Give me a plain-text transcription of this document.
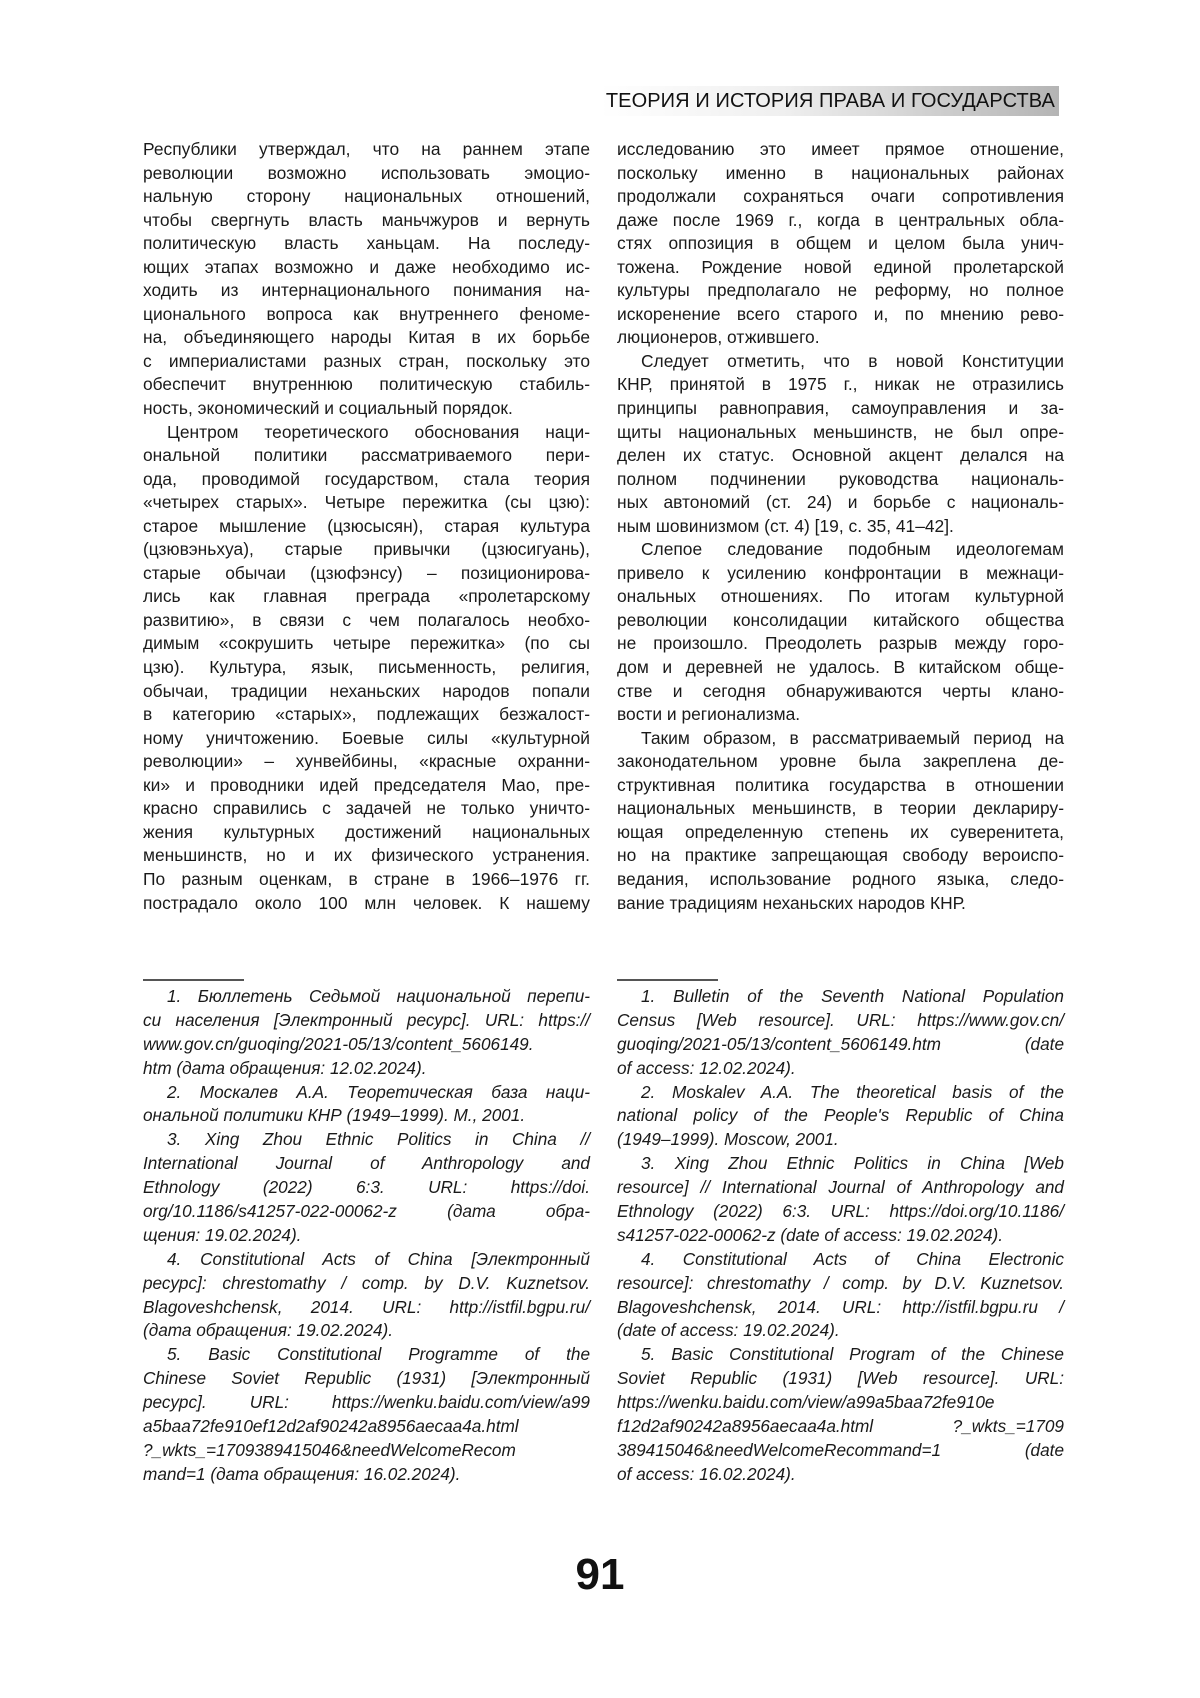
ТЕОРИЯ И ИСТОРИЯ ПРАВА И ГОСУДАРСТВА
Республики утверждал, что на раннем этапе
революции возможно использовать эмоцио-
нальную сторону национальных отношений,
чтобы свергнуть власть маньчжуров и вернуть
политическую власть ханьцам. На последу-
ющих этапах возможно и даже необходимо ис-
ходить из интернационального понимания на-
ционального вопроса как внутреннего феноме-
на, объединяющего народы Китая в их борьбе
с империалистами разных стран, поскольку это
обеспечит внутреннюю политическую стабиль-
ность, экономический и социальный порядок.
Центром теоретического обоснования наци-
ональной политики рассматриваемого пери-
ода, проводимой государством, стала теория
«четырех старых». Четыре пережитка (сы цзю):
старое мышление (цзюсысян), старая культура
(цзювэньхуа), старые привычки (цзюсигуань),
старые обычаи (цзюфэнсу) – позиционирова-
лись как главная преграда «пролетарскому
развитию», в связи с чем полагалось необхо-
димым «сокрушить четыре пережитка» (по сы
цзю). Культура, язык, письменность, религия,
обычаи, традиции неханьских народов попали
в категорию «старых», подлежащих безжалост-
ному уничтожению. Боевые силы «культурной
революции» – хунвейбины, «красные охранни-
ки» и проводники идей председателя Мао, пре-
красно справились с задачей не только уничто-
жения культурных достижений национальных
меньшинств, но и их физического устранения.
По разным оценкам, в стране в 1966–1976 гг.
пострадало около 100 млн человек. К нашему
исследованию это имеет прямое отношение,
поскольку именно в национальных районах
продолжали сохраняться очаги сопротивления
даже после 1969 г., когда в центральных обла-
стях оппозиция в общем и целом была унич-
тожена. Рождение новой единой пролетарской
культуры предполагало не реформу, но полное
искоренение всего старого и, по мнению рево-
люционеров, отжившего.
Следует отметить, что в новой Конституции
КНР, принятой в 1975 г., никак не отразились
принципы равноправия, самоуправления и за-
щиты национальных меньшинств, не был опре-
делен их статус. Основной акцент делался на
полном подчинении руководства националь-
ных автономий (ст. 24) и борьбе с националь-
ным шовинизмом (ст. 4) [19, с. 35, 41–42].
Слепое следование подобным идеологемам
привело к усилению конфронтации в межнаци-
ональных отношениях. По итогам культурной
революции консолидации китайского общества
не произошло. Преодолеть разрыв между горо-
дом и деревней не удалось. В китайском обще-
стве и сегодня обнаруживаются черты клано-
вости и регионализма.
Таким образом, в рассматриваемый период на
законодательном уровне была закреплена де-
структивная политика государства в отношении
национальных меньшинств, в теории деклариру-
ющая определенную степень их суверенитета,
но на практике запрещающая свободу вероиспо-
ведания, использование родного языка, следо-
вание традициям неханьских народов КНР.
1. Бюллетень Седьмой национальной перепи-
си населения [Электронный ресурс]. URL: https://
www.gov.cn/guoqing/2021-05/13/content_5606149.
htm (дата обращения: 12.02.2024).
2. Москалев А.А. Теоретическая база наци-
ональной политики КНР (1949–1999). М., 2001.
3. Xing Zhou Ethnic Politics in China //
International Journal of Anthropology and
Ethnology (2022) 6:3. URL: https://doi.
org/10.1186/s41257-022-00062-z (дата обра-
щения: 19.02.2024).
4. Constitutional Acts of China [Электронный
ресурс]: chrestomathy / comp. by D.V. Kuznetsov.
Blagoveshchensk, 2014. URL: http://istfil.bgpu.ru/
(дата обращения: 19.02.2024).
5. Basic Constitutional Programme of the
Chinese Soviet Republic (1931) [Электронный
ресурс]. URL: https://wenku.baidu.com/view/a99
a5baa72fe910ef12d2af90242a8956aecaa4a.html
?_wkts_=1709389415046&needWelcomeRecom
mand=1 (дата обращения: 16.02.2024).
1. Bulletin of the Seventh National Population
Census [Web resource]. URL: https://www.gov.cn/
guoqing/2021-05/13/content_5606149.htm (date
of access: 12.02.2024).
2. Moskalev A.A. The theoretical basis of the
national policy of the People's Republic of China
(1949–1999). Moscow, 2001.
3. Xing Zhou Ethnic Politics in China [Web
resource] // International Journal of Anthropology and
Ethnology (2022) 6:3. URL: https://doi.org/10.1186/
s41257-022-00062-z (date of access: 19.02.2024).
4. Constitutional Acts of China Electronic
resource]: chrestomathy / comp. by D.V. Kuznetsov.
Blagoveshchensk, 2014. URL: http://istfil.bgpu.ru /
(date of access: 19.02.2024).
5. Basic Constitutional Program of the Chinese
Soviet Republic (1931) [Web resource]. URL:
https://wenku.baidu.com/view/a99a5baa72fe910e
f12d2af90242a8956aecaa4a.html ?_wkts_=1709
389415046&needWelcomeRecommand=1 (date
of access: 16.02.2024).
91
